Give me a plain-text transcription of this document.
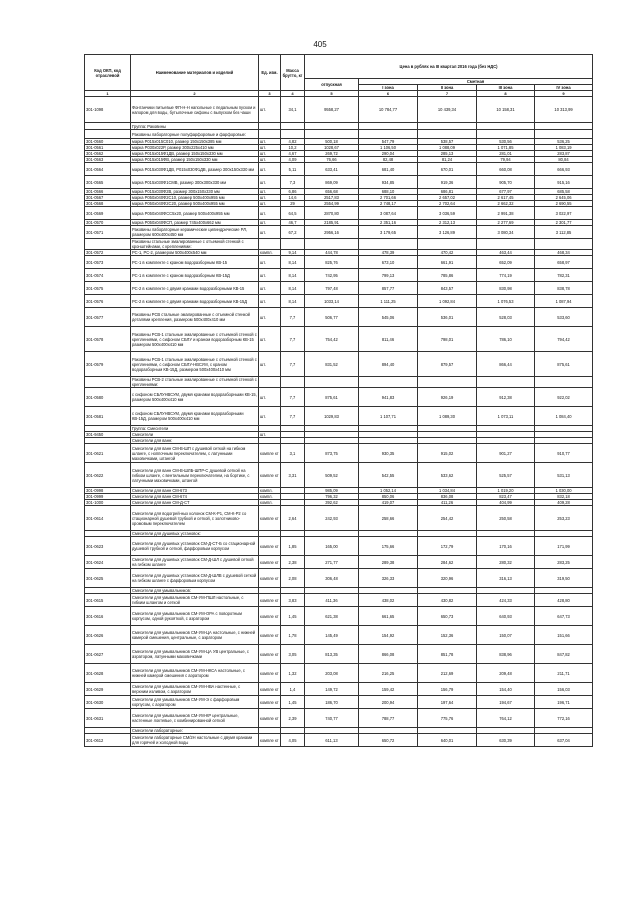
405
Код ОКП, код отраслевой	Наименование материалов и изделий	Ед. изм.	Масса брутто, кг	Цена в рублях на III квартал 2016 года (без НДС)				
				отпускная	Сметная			
					I зона	II зона	III зона	IV зона
1	2	3	4	5	6	7	8	9
301-1098	Фонтанчики питьевые ФП-Н-Н напольные с педальным пуском и напором для воды, бутылочные сифоны с выпуском без чаши	шт.	34,1	9558,27	10 784,77	10 439,34	10 158,31	10 313,99
	Группа: Раковины							
	Раковины лабораторные полуфарфоровые и фарфоровые:							
301-0560	марка Р015х015С010, размер 150х150х385 мм	шт.	4,82	500,18	547,79	538,57	530,56	536,25
301-0561	марка Р030х022Р, размер 300х225х410 мм	шт.	10,2	1028,67	1 106,50	1 088,09	1 071,85	1 083,19
301-0562	марка Р015х015Ф1ДВ, размер 150х150х330 мм	шт.	4,67	269,72	290,04	285,13	281,01	283,87
301-0563	марка Р015х015ФВ, размер 150х150х330 мм	шт.	4,09	76,66	82,48	81,24	79,94	80,84
301-0564	марка Р015х030Ф1ДВ, Р015х030Ф1ДВ, размер 300х150х330 мм	шт.	5,11	633,41	681,40	670,01	660,08	666,93
301-0565	марка Р015х030Ф1СМВ, размер 300х300х330 мм	шт.	7,3	869,09	934,85	919,36	905,70	915,16
301-0566	марка Р015х030Ф2В, размер 300х150х330 мм	шт.	6,86	656,68	688,10	686,81	677,97	685,58
301-0567	марка Р050х040Ф2С10, размер 500х400х955 мм	шт.	14,6	2517,83	2 701,66	2 657,02	2 617,45	2 645,06
301-0568	марка Р050х040Ф2С20, размер 500х400х955 мм	шт.	29	2554,99	2 748,17	2 702,64	2 662,32	2 690,55
301-0569	марка Р050х040ФСС5х20, размер 500х400х955 мм	шт.	64,5	2870,80	3 087,64	3 036,59	2 991,38	3 022,97
301-0570	марка Р050х040ФСП, размер 745х400х662 мм	шт.	46,7	2185,91	2 351,16	2 312,13	2 277,69	2 301,77
301-0571	Раковины лабораторные керамические цилиндрические РЛ, размером 600х400х450 мм	шт.	67,2	2956,16	3 179,65	3 126,89	3 080,34	3 112,85
	Раковины стальные эмалированные с отъемной стенкой с кронштейнами, с креплениями:							
301-0572	РС-1, РС-2, размером 500х400х540 мм	компл.	9,14	444,78	478,39	470,42	463,44	468,34
301-0573	РС-1 в комплекте с краном водоразборным КВ-15	шт.	8,14	825,76	673,10	661,91	652,09	658,97
301-0574	РС-1 в комплекте с краном водоразборным КВ-15Д	шт.	8,14	742,95	799,13	785,86	774,19	782,31
301-0575	РС-2 в комплекте с двумя кранами водоразборными КВ-15	шт.	8,14	797,48	857,77	843,57	830,98	838,78
301-0576	РС-2 в комплекте с двумя кранами водоразборными КВ-15Д	шт.	8,14	1033,14	1 111,25	1 092,84	1 076,53	1 087,94
301-0577	Раковины РСВ стальные эмалированные с отъемной стенкой деталями крепления, размером 500х400х410 мм	шт.	7,7	506,77	545,06	536,01	528,03	533,60
301-0578	Раковины РСВ-1 стальные эмалированные с отъемной стенкой с креплениями, с сифоном СБЛУ и краном водоразборным КВ-15 размером 500х400х410 мм	шт.	7,7	754,42	811,46	798,01	786,10	794,42
301-0579	Раковины РСВ-1 стальные эмалированные с отъемной стенкой с креплениями, с сифоном СБЛУ-НВСУМ, с краном водоразборным КВ-15Д, размером 500х400х410 мм	шт.	7,7	831,52	894,40	879,57	866,44	875,61
	Раковины РСВ-2 стальные эмалированные с отъемной стенкой с креплениями:							
301-0580	с сифоном СБЛУНВСУМ, двумя кранами водоразборными КВ-15, размером 500х400х410 мм	шт.	7,7	875,61	941,83	926,19	912,38	922,02
301-0581	с сифоном СБЛУНВСУМ, двумя кранами водоразборными КВ-15Д, размером 500х400х410 мм	шт.	7,7	1029,83	1 107,71	1 089,30	1 073,11	1 084,40
	Группа: Смесители							
301-9450	Смесители	шт.						
	Смесители для ванн:							
301-0621	Смесители для ванн СМ-В-ШП с душевой сеткой на гибком шланге, с ноппочным переключателем, с латунными маховичками, штангой	компле кт	3,1	873,75	930,35	915,02	901,27	910,77
301-0622	Смесители для ванн СМ-В-ШЛБ-ШПР-С душевой сеткой на гибком шланге, с вентильным переключателем, на бортике, с латунными маховичками, штангой	компле кт	3,31	509,52	542,55	533,62	525,57	531,13
301-0998	Смесители для ванн СМ-673	компл.		985,09	1 052,14	1 034,84	1 019,20	1 030,00
301-0999	Смесители для ванн СМ-674	компл.		796,32	850,06	836,08	823,47	832,18
301-1000	Смесители для ванн СМ-Д-СТ	компл.		392,62	419,07	411,26	404,99	409,28
301-0614	Смесители для водогрей-ных колонок СМ-К-Р1, СМ-К-Р2 со стационарной душевой трубкой и сеткой, с золотниково-хромовым переключателем	компле кт	2,64	242,93	258,66	254,42	250,58	253,23
	Смесители для душевых установок:							
301-0623	Смесители для душевых установок СМ-Д-СТ-Б со стационарной душевой трубкой и сеткой, фарфоровым корпусом	компле кт	1,85	165,00	175,66	172,79	170,16	171,99
301-0624	Смесители для душевых установок СМ-Д-ШЛ с душевой сеткой на гибком шланге	компле кт	2,38	271,77	289,38	284,62	280,32	283,25
301-0625	Смесители для душевых установок СМ-Д-ШЛВ с душевой сеткой на гибком шланге с фарфоровым корпусом	компле кт	2,08	306,48	326,33	320,96	316,13	319,50
	Смесители для умывальников:							
301-0615	Смесители для умывальников СМ-УМ-ПШЛ настольные, с гибким шлангом и сеткой	компле кт	3,83	411,36	438,02	430,82	424,33	428,80
301-0616	Смесители для умывальников СМ-УМ-ОРА с поворотным корпусом, одной рукояткой, с аэратором	компле кт	1,45	621,38	661,65	650,73	640,93	647,73
301-0626	Смесители для умывальников СМ-УМ-ЦА настольные, с нижней камерой смешения, центральные, с аэратором	компле кт	1,78	145,49	154,92	152,36	150,07	151,66
301-0627	Смесители для умывальников СМ-УМ-ЦА УВ центральные, с аэратором, латунными маховичками	компле кт	3,05	813,35	866,08	851,78	838,96	847,82
301-0628	Смесители для умывальников СМ-УМ-НКСА настольные, с нижней камерой смешения с аэратором	компле кт	1,32	203,08	216,25	212,69	209,48	211,71
301-0629	Смесители для умывальников СМ-УМ-НВА настенные, с верхним изливом, с аэратором	компле кт	1,4	149,72	159,42	156,79	154,40	156,03
301-0630	Смесители для умывальников СМ-УМ-Э с фарфоровым корпусом, с аэратором	компле кт	1,45	186,70	200,94	197,64	194,67	196,71
301-0631	Смесители для умывальников СМ-УМ-КР центральные, настенные локтевые, с комбинированной сеткой	компле кт	2,39	740,77	788,77	775,76	764,12	772,16
	Смесители лабораторные:							
301-0612	Смесители лабораторные СМ/2Н настольные с двумя кранами для горячей и холодной воды	компле кт	4,05	611,13	650,72	640,01	630,39	637,04
